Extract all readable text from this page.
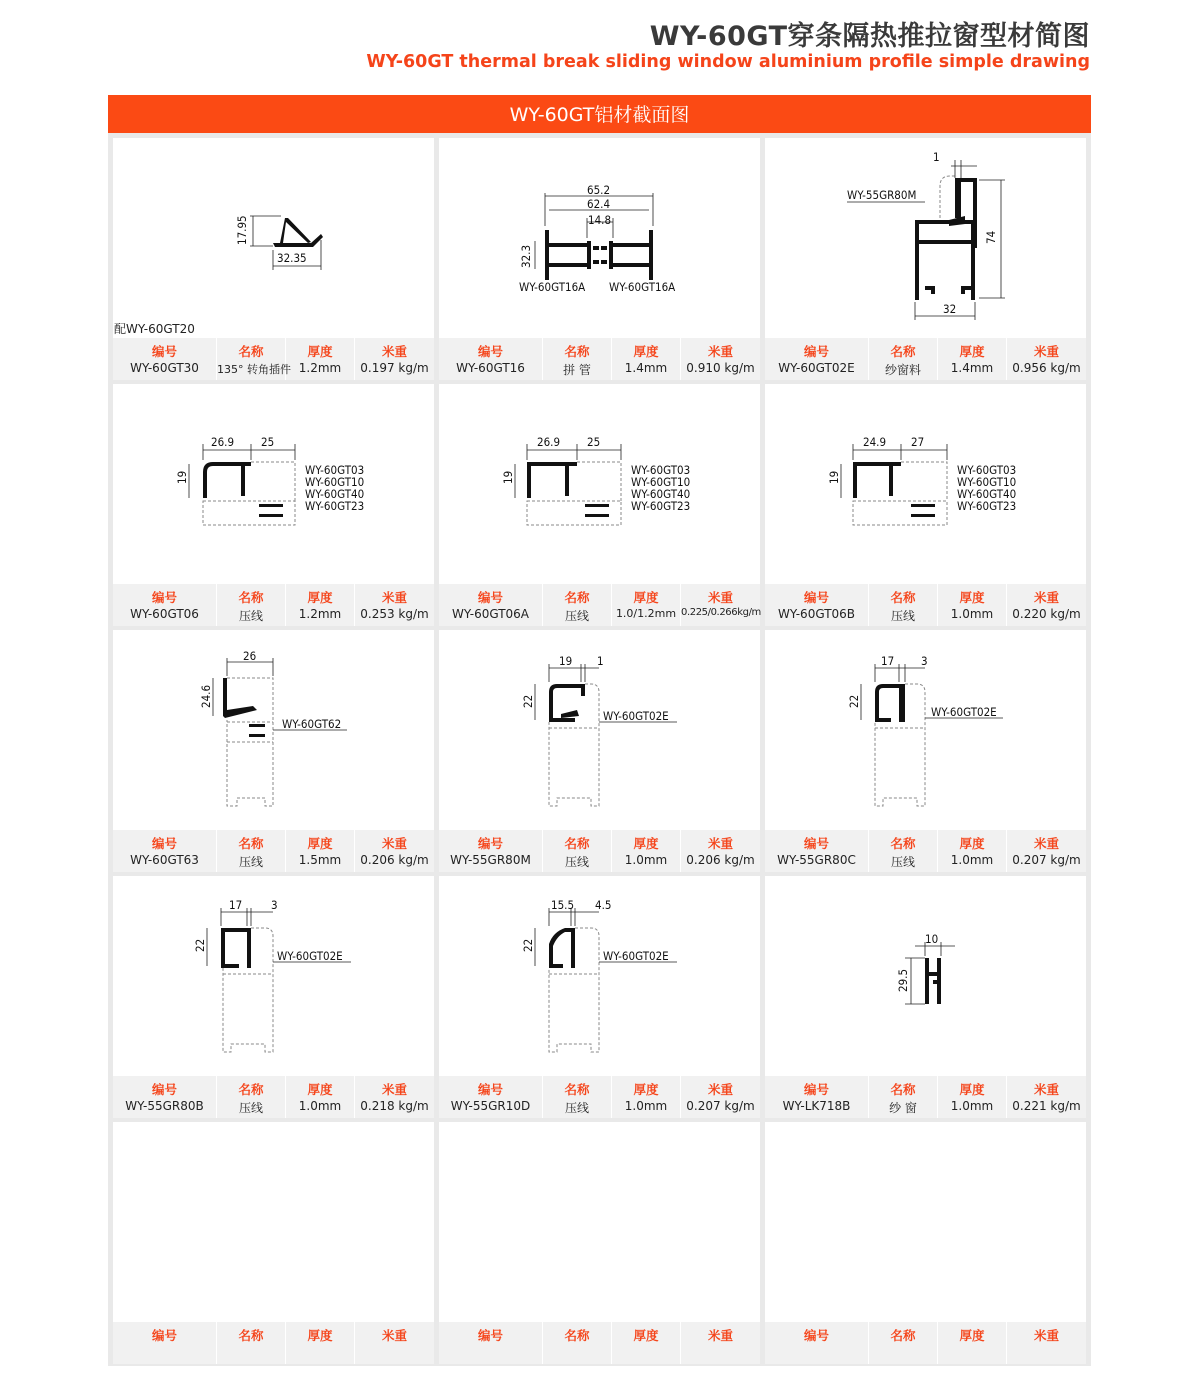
WY-60GT穿条隔热推拉窗型材简图
WY-60GT thermal break sliding window aluminium profile simple drawing
WY-60GT铝材截面图
17.95
32.35
配WY-60GT20
编号
WY-60GT30
名称
135° 转角插件
厚度
1.2mm
米重
0.197 kg/m
65.2
62.4
14.8
32.3
WY-60GT16A WY-60GT16A
编号
WY-60GT16
名称
拼 管
厚度
1.4mm
米重
0.910 kg/m
1
74
32
WY-55GR80M
编号
WY-60GT02E
名称
纱窗料
厚度
1.4mm
米重
0.956 kg/m
26.9 25
19
WY-60GT03
WY-60GT10
WY-60GT40
WY-60GT23
编号
WY-60GT06
名称
压线
厚度
1.2mm
米重
0.253 kg/m
26.9 25
19
WY-60GT03
WY-60GT10
WY-60GT40
WY-60GT23
编号
WY-60GT06A
名称
压线
厚度
1.0/1.2mm
米重
0.225/0.266kg/m
24.9 27
19
WY-60GT03
WY-60GT10
WY-60GT40
WY-60GT23
编号
WY-60GT06B
名称
压线
厚度
1.0mm
米重
0.220 kg/m
26
24.6
WY-60GT62
编号
WY-60GT63
名称
压线
厚度
1.5mm
米重
0.206 kg/m
19 1
22
WY-60GT02E
编号
WY-55GR80M
名称
压线
厚度
1.0mm
米重
0.206 kg/m
17 3
22
WY-60GT02E
编号
WY-55GR80C
名称
压线
厚度
1.0mm
米重
0.207 kg/m
17	3
22
WY-60GT02E
编号
WY-55GR80B
名称
压线
厚度
1.0mm
米重
0.218 kg/m
15.5 4.5
22
WY-60GT02E
编号
WY-55GR10D
名称
压线
厚度
1.0mm
米重
0.207 kg/m
10
29.5
编号
WY-LK718B
名称
纱 窗
厚度
1.0mm
米重
0.221 kg/m
编号	名称	厚度	米重	编号	名称	厚度	米重	编号	名称	厚度	米重
